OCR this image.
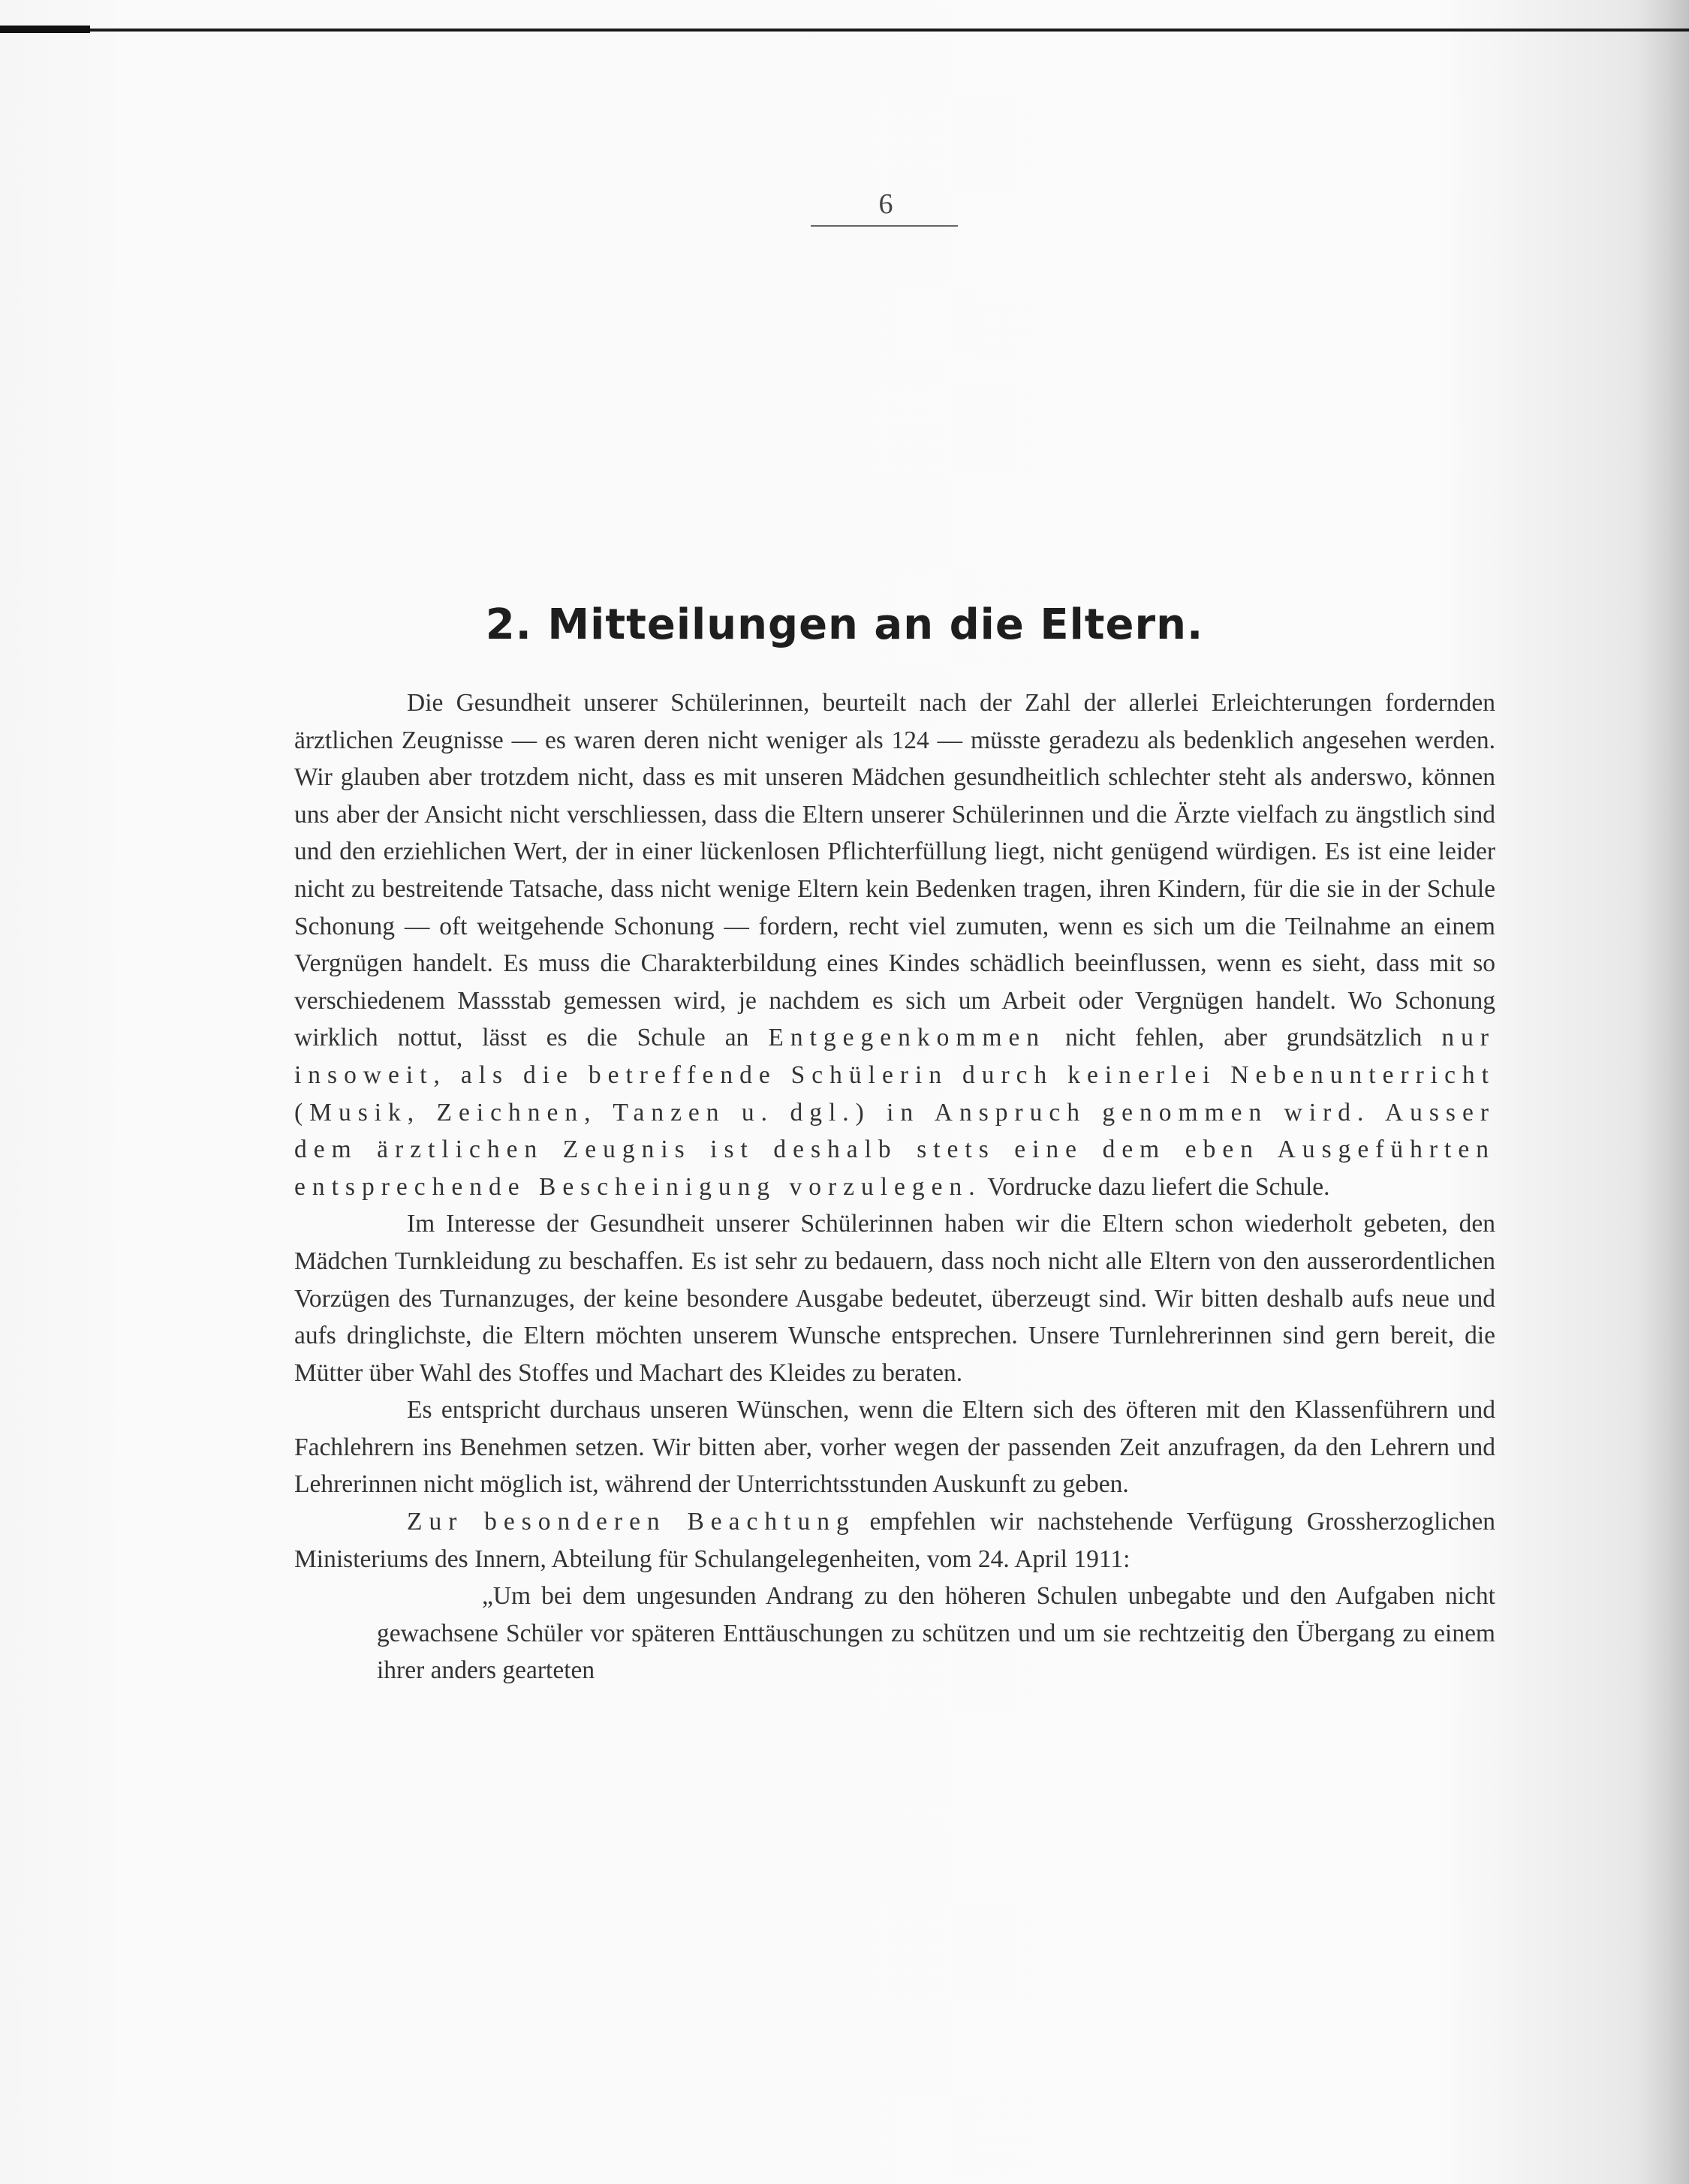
6
2. Mitteilungen an die Eltern.

Die Gesundheit unserer Schülerinnen, beurteilt nach der Zahl der allerlei Erleichterungen fordernden ärztlichen Zeugnisse — es waren deren nicht weniger als 124 — müsste geradezu als bedenklich angesehen werden. Wir glauben aber trotzdem nicht, dass es mit unseren Mädchen gesundheitlich schlechter steht als anderswo, können uns aber der Ansicht nicht verschliessen, dass die Eltern unserer Schülerinnen und die Ärzte vielfach zu ängstlich sind und den erziehlichen Wert, der in einer lückenlosen Pflichterfüllung liegt, nicht genügend würdigen. Es ist eine leider nicht zu bestreitende Tatsache, dass nicht wenige Eltern kein Bedenken tragen, ihren Kindern, für die sie in der Schule Schonung — oft weitgehende Schonung — fordern, recht viel zumuten, wenn es sich um die Teilnahme an einem Vergnügen handelt. Es muss die Charakterbildung eines Kindes schädlich beeinflussen, wenn es sieht, dass mit so verschiedenem Massstab gemessen wird, je nachdem es sich um Arbeit oder Vergnügen handelt. Wo Schonung wirklich nottut, lässt es die Schule an Entgegenkommen nicht fehlen, aber grundsätzlich nur insoweit, als die betreffende Schülerin durch keinerlei Nebenunterricht (Musik, Zeichnen, Tanzen u. dgl.) in Anspruch genommen wird. Ausser dem ärztlichen Zeugnis ist deshalb stets eine dem eben Ausgeführten entsprechende Bescheinigung vorzulegen. Vordrucke dazu liefert die Schule.

Im Interesse der Gesundheit unserer Schülerinnen haben wir die Eltern schon wiederholt gebeten, den Mädchen Turnkleidung zu beschaffen. Es ist sehr zu bedauern, dass noch nicht alle Eltern von den ausserordentlichen Vorzügen des Turnanzuges, der keine besondere Ausgabe bedeutet, überzeugt sind. Wir bitten deshalb aufs neue und aufs dringlichste, die Eltern möchten unserem Wunsche entsprechen. Unsere Turnlehrerinnen sind gern bereit, die Mütter über Wahl des Stoffes und Machart des Kleides zu beraten.

Es entspricht durchaus unseren Wünschen, wenn die Eltern sich des öfteren mit den Klassenführern und Fachlehrern ins Benehmen setzen. Wir bitten aber, vorher wegen der passenden Zeit anzufragen, da den Lehrern und Lehrerinnen nicht möglich ist, während der Unterrichtsstunden Auskunft zu geben.

Zur besonderen Beachtung empfehlen wir nachstehende Verfügung Grossherzoglichen Ministeriums des Innern, Abteilung für Schulangelegenheiten, vom 24. April 1911:

„Um bei dem ungesunden Andrang zu den höheren Schulen unbegabte und den Aufgaben nicht gewachsene Schüler vor späteren Enttäuschungen zu schützen und um sie rechtzeitig den Übergang zu einem ihrer anders gearteten
